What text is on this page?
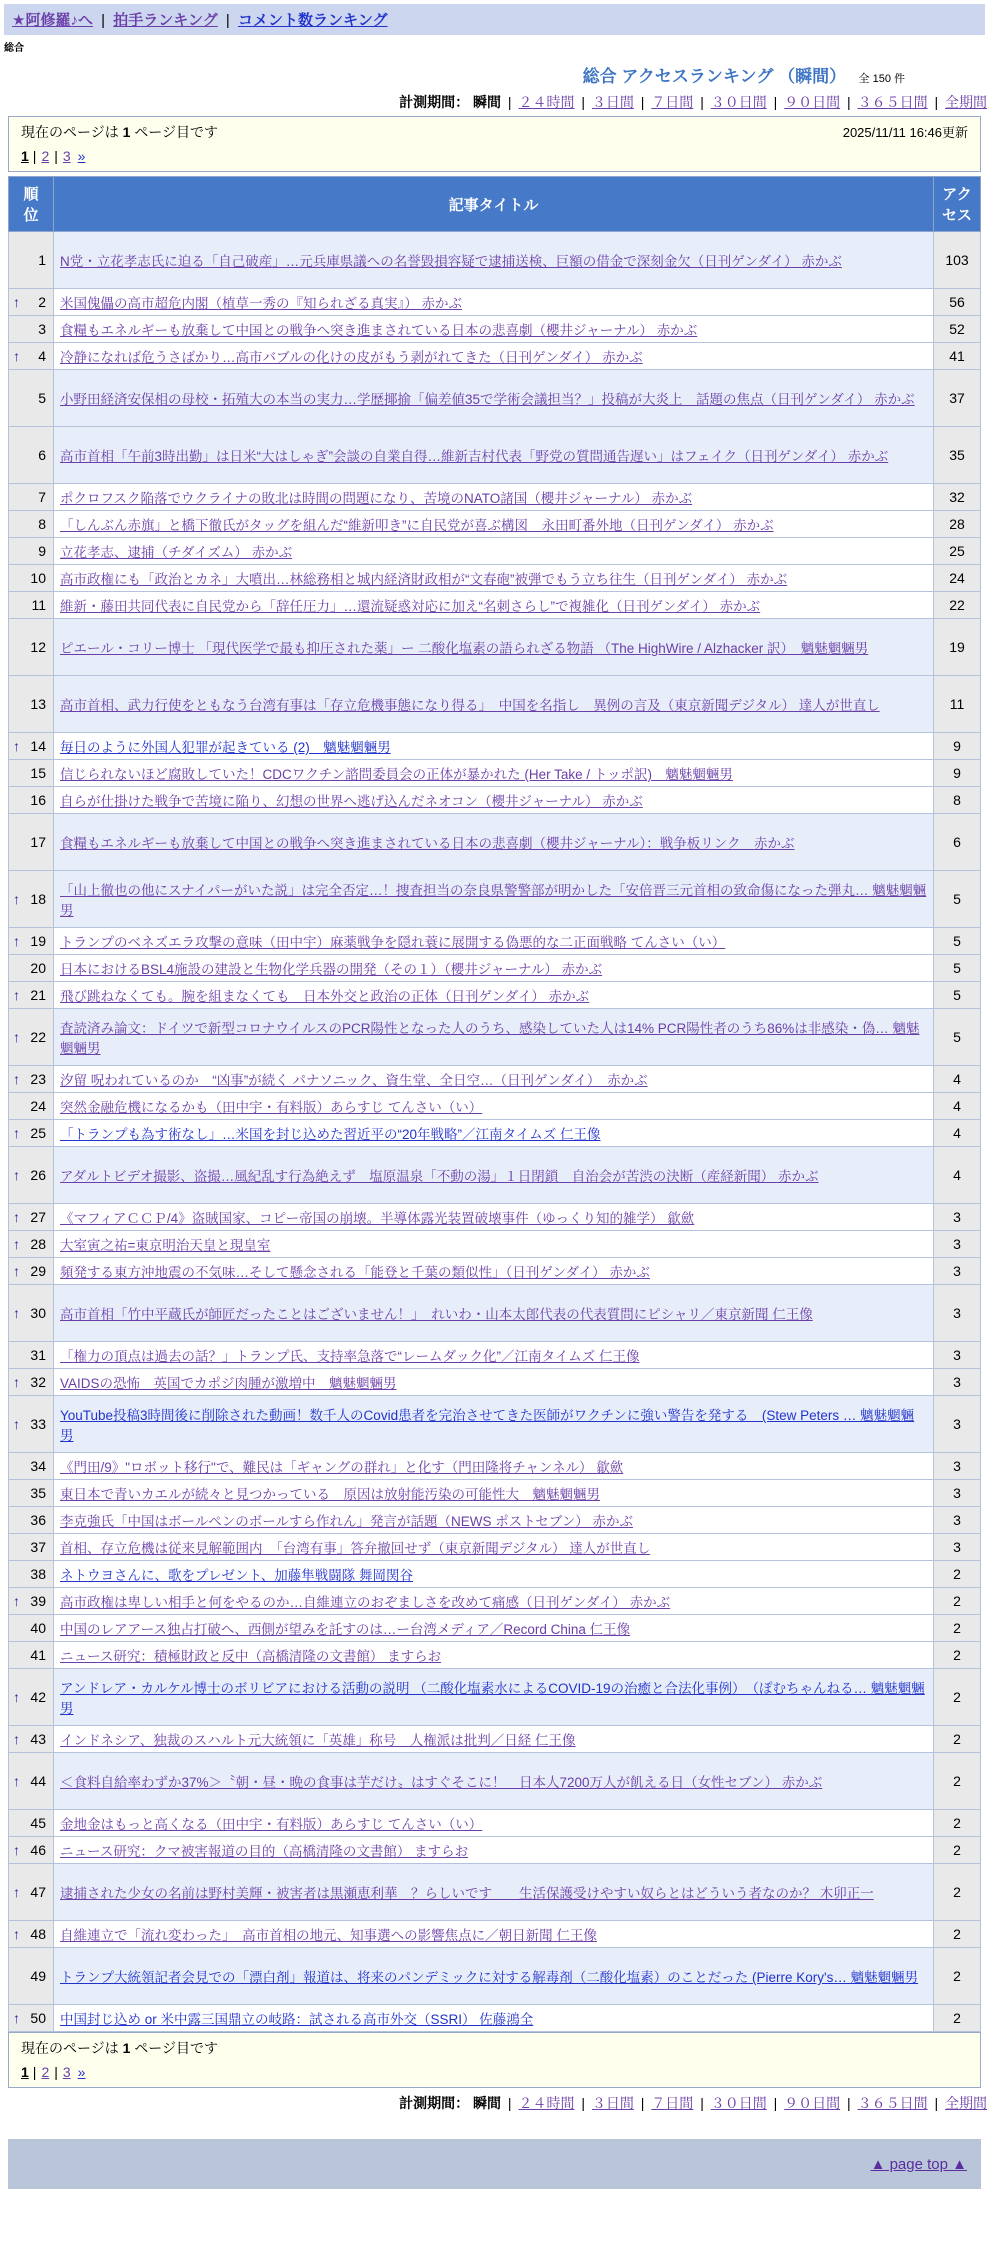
★阿修羅♪へ | 拍手ランキング | コメント数ランキング
総合
総合 アクセスランキング （瞬間） 全 150 件
計測期間： 瞬間 | ２４時間 | ３日間 | ７日間 | ３０日間 | ９０日間 | ３６５日間 | 全期間
現在のページは 1 ページ目です	2025/11/11 16:46更新
1 | 2 | 3 »
順位	記事タイトル	アクセス
1	N党・立花孝志氏に迫る「自己破産」…元兵庫県議への名誉毀損容疑で逮捕送検、巨額の借金で深刻金欠（日刊ゲンダイ） 赤かぶ	103

↑ 2	米国傀儡の高市超危内閣（植草一秀の『知られざる真実』） 赤かぶ	56
3	食糧もエネルギーも放棄して中国との戦争へ突き進まされている日本の悲喜劇（櫻井ジャーナル） 赤かぶ	52

↑ 4	冷静になれば危うさばかり…高市バブルの化けの皮がもう剥がれてきた（日刊ゲンダイ） 赤かぶ	41
5	小野田経済安保相の母校・拓殖大の本当の実力…学歴揶揄「偏差値35で学術会議担当？」投稿が大炎上　話題の焦点（日刊ゲンダイ） 赤かぶ	37
6	高市首相「午前3時出勤」は日米“大はしゃぎ”会談の自業自得…維新吉村代表「野党の質問通告遅い」はフェイク（日刊ゲンダイ） 赤かぶ	35
7	ポクロフスク陥落でウクライナの敗北は時間の問題になり、苦境のNATO諸国（櫻井ジャーナル） 赤かぶ	32
8	「しんぶん赤旗」と橋下徹氏がタッグを組んだ“維新叩き”に自民党が喜ぶ構図　永田町番外地（日刊ゲンダイ） 赤かぶ	28
9	立花孝志、逮捕（チダイズム） 赤かぶ	25
10	高市政権にも「政治とカネ」大噴出…林総務相と城内経済財政相が“文春砲”被弾でもう立ち往生（日刊ゲンダイ） 赤かぶ	24
11	維新・藤田共同代表に自民党から「辞任圧力」…還流疑惑対応に加え“名刺さらし”で複雑化（日刊ゲンダイ） 赤かぶ	22
12	ピエール・コリー博士 「現代医学で最も抑圧された薬」ー 二酸化塩素の語られざる物語 （The HighWire / Alzhacker 訳）　魑魅魍魎男	19
13	高市首相、武力行使をともなう台湾有事は「存立危機事態になり得る」　中国を名指し　異例の言及（東京新聞デジタル） 達人が世直し	11

↑ 14	毎日のように外国人犯罪が起きている (2)　魑魅魍魎男	9
15	信じられないほど腐敗していた！CDCワクチン諮問委員会の正体が暴かれた (Her Take / トッポ訳)　魑魅魍魎男	9
16	自らが仕掛けた戦争で苦境に陥り、幻想の世界へ逃げ込んだネオコン（櫻井ジャーナル） 赤かぶ	8
17	食糧もエネルギーも放棄して中国との戦争へ突き進まされている日本の悲喜劇（櫻井ジャーナル）：戦争板リンク　赤かぶ	6

↑ 18	「山上徹也の他にスナイパーがいた説」は完全否定…！捜査担当の奈良県警警部が明かした「安倍晋三元首相の致命傷になった弾丸… 魑魅魍魎男	5

↑ 19	トランプのベネズエラ攻撃の意味（田中宇）麻薬戦争を隠れ蓑に展開する偽悪的な二正面戦略 てんさい（い）	5
20	日本におけるBSL4施設の建設と生物化学兵器の開発（その１）（櫻井ジャーナル） 赤かぶ	5

↑ 21	飛び跳ねなくても。腕を組まなくても　日本外交と政治の正体（日刊ゲンダイ） 赤かぶ	5

↑ 22	査読済み論文：ドイツで新型コロナウイルスのPCR陽性となった人のうち、感染していた人は14% PCR陽性者のうち86%は非感染・偽… 魑魅魍魎男	5

↑ 23	汐留 呪われているのか　“凶事”が続く パナソニック、資生堂、全日空…（日刊ゲンダイ）　赤かぶ	4
24	突然金融危機になるかも（田中宇・有料版）あらすじ てんさい（い）	4

↑ 25	「トランプも為す術なし」…米国を封じ込めた習近平の“20年戦略”／江南タイムズ 仁王像	4

↑ 26	アダルトビデオ撮影、盗撮…風紀乱す行為絶えず　塩原温泉「不動の湯」１日閉鎖　自治会が苦渋の決断（産経新聞） 赤かぶ	4

↑ 27	《マフィアＣＣＰ/4》盗賊国家、コピー帝国の崩壊。半導体露光装置破壊事件（ゆっくり知的雑学） 歙歛	3

↑ 28	大室寅之祐=東京明治天皇と現皇室	3

↑ 29	頻発する東方沖地震の不気味…そして懸念される「能登と千葉の類似性」（日刊ゲンダイ） 赤かぶ	3

↑ 30	高市首相「竹中平蔵氏が師匠だったことはございません！」　れいわ・山本太郎代表の代表質問にピシャリ／東京新聞 仁王像	3
31	「権力の頂点は過去の話？」トランプ氏、支持率急落で“レームダック化”／江南タイムズ 仁王像	3

↑ 32	VAIDSの恐怖　英国でカポジ肉腫が激増中　魑魅魍魎男	3

↑ 33	YouTube投稿3時間後に削除された動画！数千人のCovid患者を完治させてきた医師がワクチンに強い警告を発する　(Stew Peters … 魑魅魍魎男	3
34	《門田/9》"ロボット移行"で、難民は「ギャングの群れ」と化す（門田隆将チャンネル） 歙歛	3
35	東日本で青いカエルが続々と見つかっている　原因は放射能汚染の可能性大　魑魅魍魎男	3
36	李克強氏「中国はボールペンのボールすら作れん」発言が話題（NEWS ポストセブン） 赤かぶ	3
37	首相、存立危機は従来見解範囲内　「台湾有事」答弁撤回せず（東京新聞デジタル） 達人が世直し	3
38	ネトウヨさんに、歌をプレゼント、加藤隼戦闘隊 舞岡関谷	2

↑ 39	高市政権は卑しい相手と何をやるのか…自維連立のおぞましさを改めて痛感（日刊ゲンダイ） 赤かぶ	2
40	中国のレアアース独占打破へ、西側が望みを託すのは…ー台湾メディア／Record China 仁王像	2
41	ニュース研究：積極財政と反中（高橋清隆の文書館） ますらお	2

↑ 42	アンドレア・カルケル博士のボリビアにおける活動の説明 （二酸化塩素水によるCOVID-19の治癒と合法化事例）　（ぽむちゃんねる… 魑魅魍魎男	2

↑ 43	インドネシア、独裁のスハルト元大統領に「英雄」称号　人権派は批判／日経 仁王像	2

↑ 44	＜食料自給率わずか37%＞〝朝・昼・晩の食事は芋だけ〟はすぐそこに！　日本人7200万人が飢える日（女性セブン） 赤かぶ	2
45	金地金はもっと高くなる（田中宇・有料版）あらすじ てんさい（い）	2

↑ 46	ニュース研究：クマ被害報道の目的（高橋清隆の文書館） ますらお	2

↑ 47	逮捕された少女の名前は野村美輝・被害者は黒瀬恵利華　？らしいです　　生活保護受けやすい奴らとはどういう者なのか？ 木卯正一	2

↑ 48	自維連立で「流れ変わった」　高市首相の地元、知事選への影響焦点に／朝日新聞 仁王像	2
49	トランプ大統領記者会見での「漂白剤」報道は、将来のパンデミックに対する解毒剤（二酸化塩素）のことだった (Pierre Kory's… 魑魅魍魎男	2

↑ 50	中国封じ込め or 米中露三国鼎立の岐路：試される高市外交（SSRI） 佐藤鴻全	2
現在のページは 1 ページ目です
1 | 2 | 3 »
計測期間： 瞬間 | ２４時間 | ３日間 | ７日間 | ３０日間 | ９０日間 | ３６５日間 | 全期間
▲ page top ▲
